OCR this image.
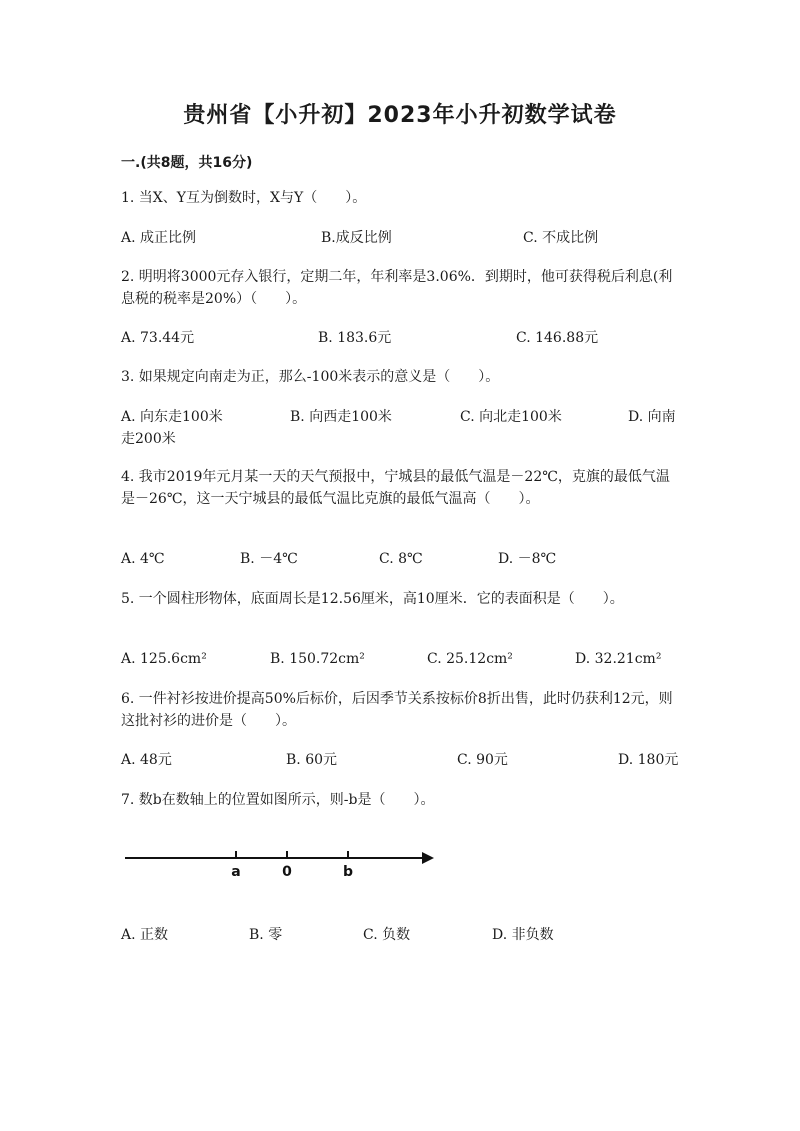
贵州省【小升初】2023年小升初数学试卷
一.(共8题，共16分)
1. 当X、Y互为倒数时，X与Y（　　）。
A. 成正比例	B.成反比例	C. 不成比例
2. 明明将3000元存入银行，定期二年，年利率是3.06%．到期时，他可获得税后利息(利息税的税率是20%）（　　）。
A. 73.44元	B. 183.6元	C. 146.88元
3. 如果规定向南走为正，那么-100米表示的意义是（　　）。
A. 向东走100米	B. 向西走100米	C. 向北走100米	D. 向南走200米
4. 我市2019年元月某一天的天气预报中，宁城县的最低气温是－22℃，克旗的最低气温是－26℃，这一天宁城县的最低气温比克旗的最低气温高（　　）。
A. 4℃	B. －4℃	C. 8℃	D. －8℃
5. 一个圆柱形物体，底面周长是12.56厘米，高10厘米．它的表面积是（　　）。
A. 125.6cm²	B. 150.72cm²	C. 25.12cm²	D. 32.21cm²
6. 一件衬衫按进价提高50%后标价，后因季节关系按标价8折出售，此时仍获利12元，则这批衬衫的进价是（　　）。
A. 48元	B. 60元	C. 90元	D. 180元
7. 数b在数轴上的位置如图所示，则-b是（　　）。
a	0	b
A. 正数	B. 零	C. 负数	D. 非负数
